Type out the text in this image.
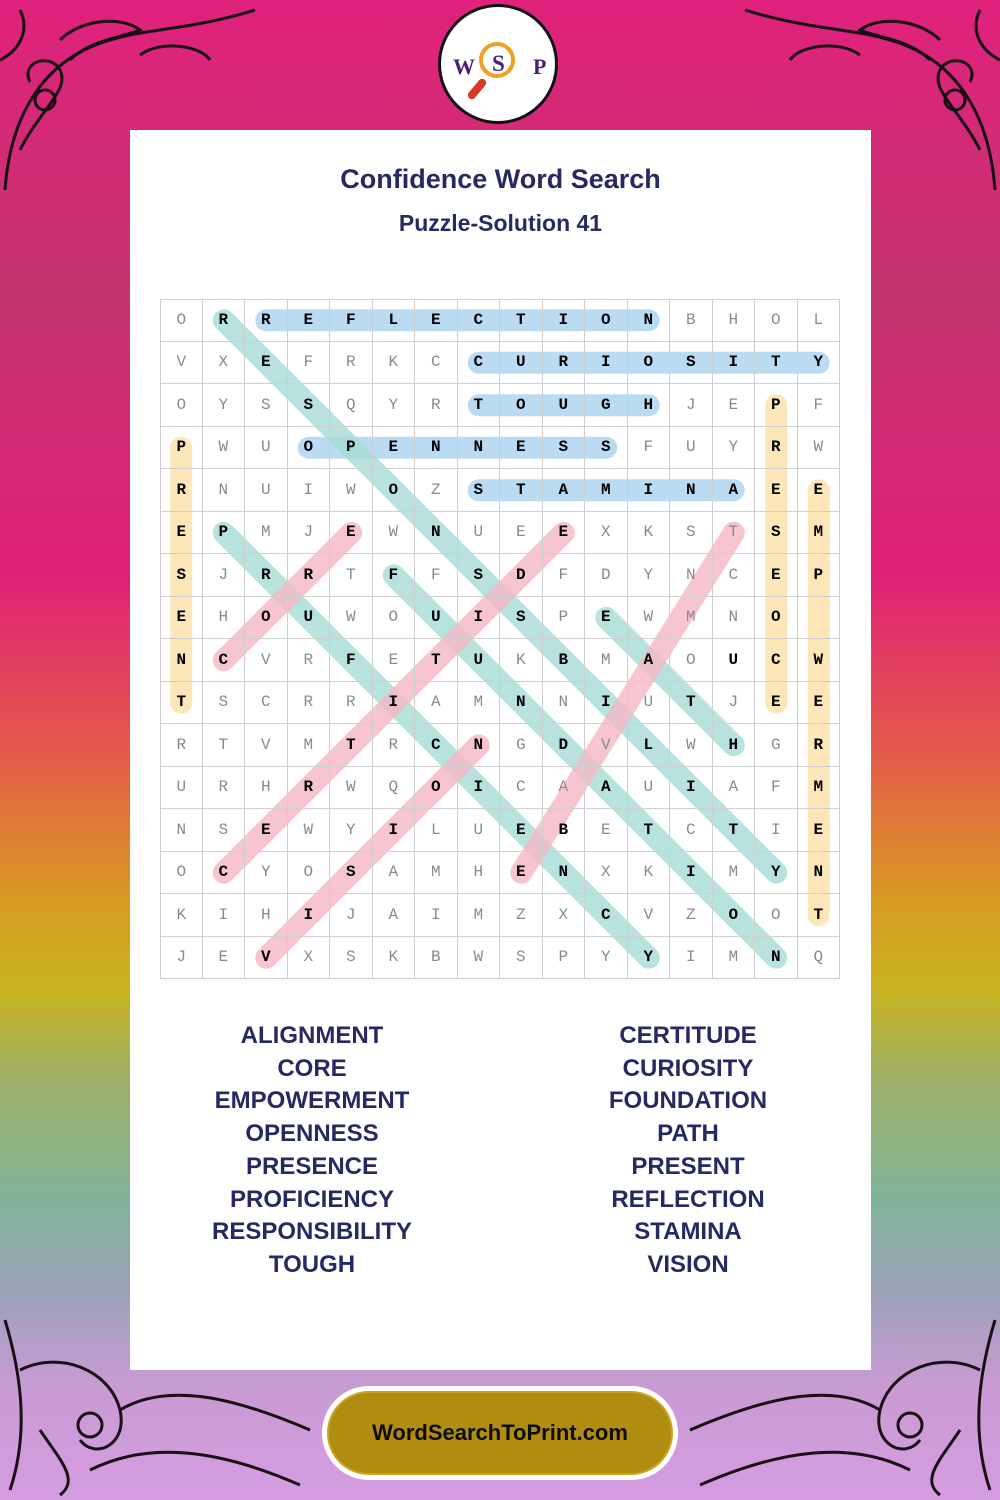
W S P
Confidence Word Search
Puzzle-Solution 41
O	R	R	E	F	L	E	C	T	I	O	N	B	H	O	L
V	X	E	F	R	K	C	C	U	R	I	O	S	I	T	Y
O	Y	S	S	Q	Y	R	T	O	U	G	H	J	E	P	F
P	W	U	O	P	E	N	N	E	S	S	F	U	Y	R	W
R	N	U	I	W	O	Z	S	T	A	M	I	N	A	E	E
E	P	M	J	E	W	N	U	E	E	X	K	S	T	S	M
S	J	R	R	T	F	F	S	D	F	D	Y	N	C	E	P
E	H	O	U	W	O	U	I	S	P	E	W	M	N	O
N	C	V	R	F	E	T	U	K	B	M	A	O	U	C	W
T	S	C	R	R	I	A	M	N	N	I	U	T	J	E	E
R	T	V	M	T	R	C	N	G	D	V	L	W	H	G	R
U	R	H	R	W	Q	O	I	C	A	A	U	I	A	F	M
N	S	E	W	Y	I	L	U	E	B	E	T	C	T	I	E
O	C	Y	O	S	A	M	H	E	N	X	K	I	M	Y	N
K	I	H	I	J	A	I	M	Z	X	C	V	Z	O	O	T
J	E	V	X	S	K	B	W	S	P	Y	Y	I	M	N	Q
ALIGNMENT
CORE
EMPOWERMENT
OPENNESS
PRESENCE
PROFICIENCY
RESPONSIBILITY
TOUGH
CERTITUDE
CURIOSITY
FOUNDATION
PATH
PRESENT
REFLECTION
STAMINA
VISION
WordSearchToPrint.com
